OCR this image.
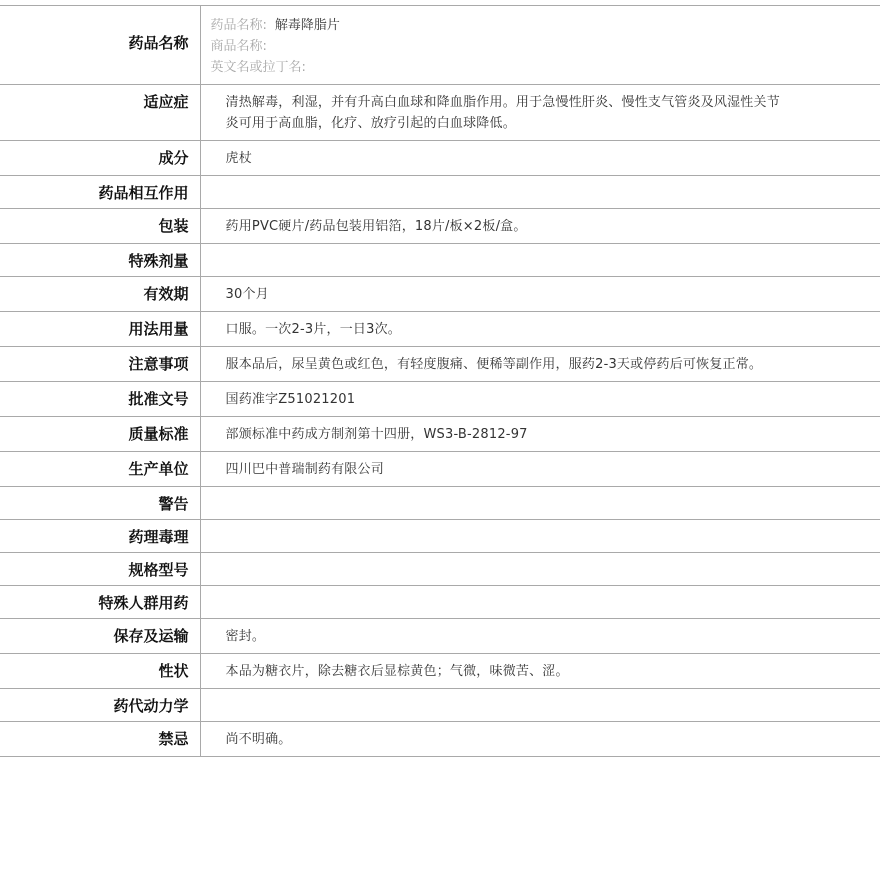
药品名称	药品名称: 解毒降脂片
商品名称:
英文名或拉丁名:

适应症	清热解毒，利湿，并有升高白血球和降血脂作用。用于急慢性肝炎、慢性支气管炎及风湿性关节炎可用于高血脂，化疗、放疗引起的白血球降低。

成分	虎杖

药品相互作用	

包装	药用PVC硬片/药品包装用铝箔，18片/板×2板/盒。

特殊剂量	

有效期	30个月

用法用量	口服。一次2-3片，一日3次。

注意事项	服本品后，尿呈黄色或红色，有轻度腹痛、便稀等副作用，服药2-3天或停药后可恢复正常。

批准文号	国药准字Z51021201

质量标准	部颁标准中药成方制剂第十四册，WS3-B-2812-97

生产单位	四川巴中普瑞制药有限公司

警告	

药理毒理	

规格型号	

特殊人群用药	

保存及运输	密封。

性状	本品为糖衣片，除去糖衣后显棕黄色；气微，味微苦、涩。

药代动力学	

禁忌	尚不明确。
